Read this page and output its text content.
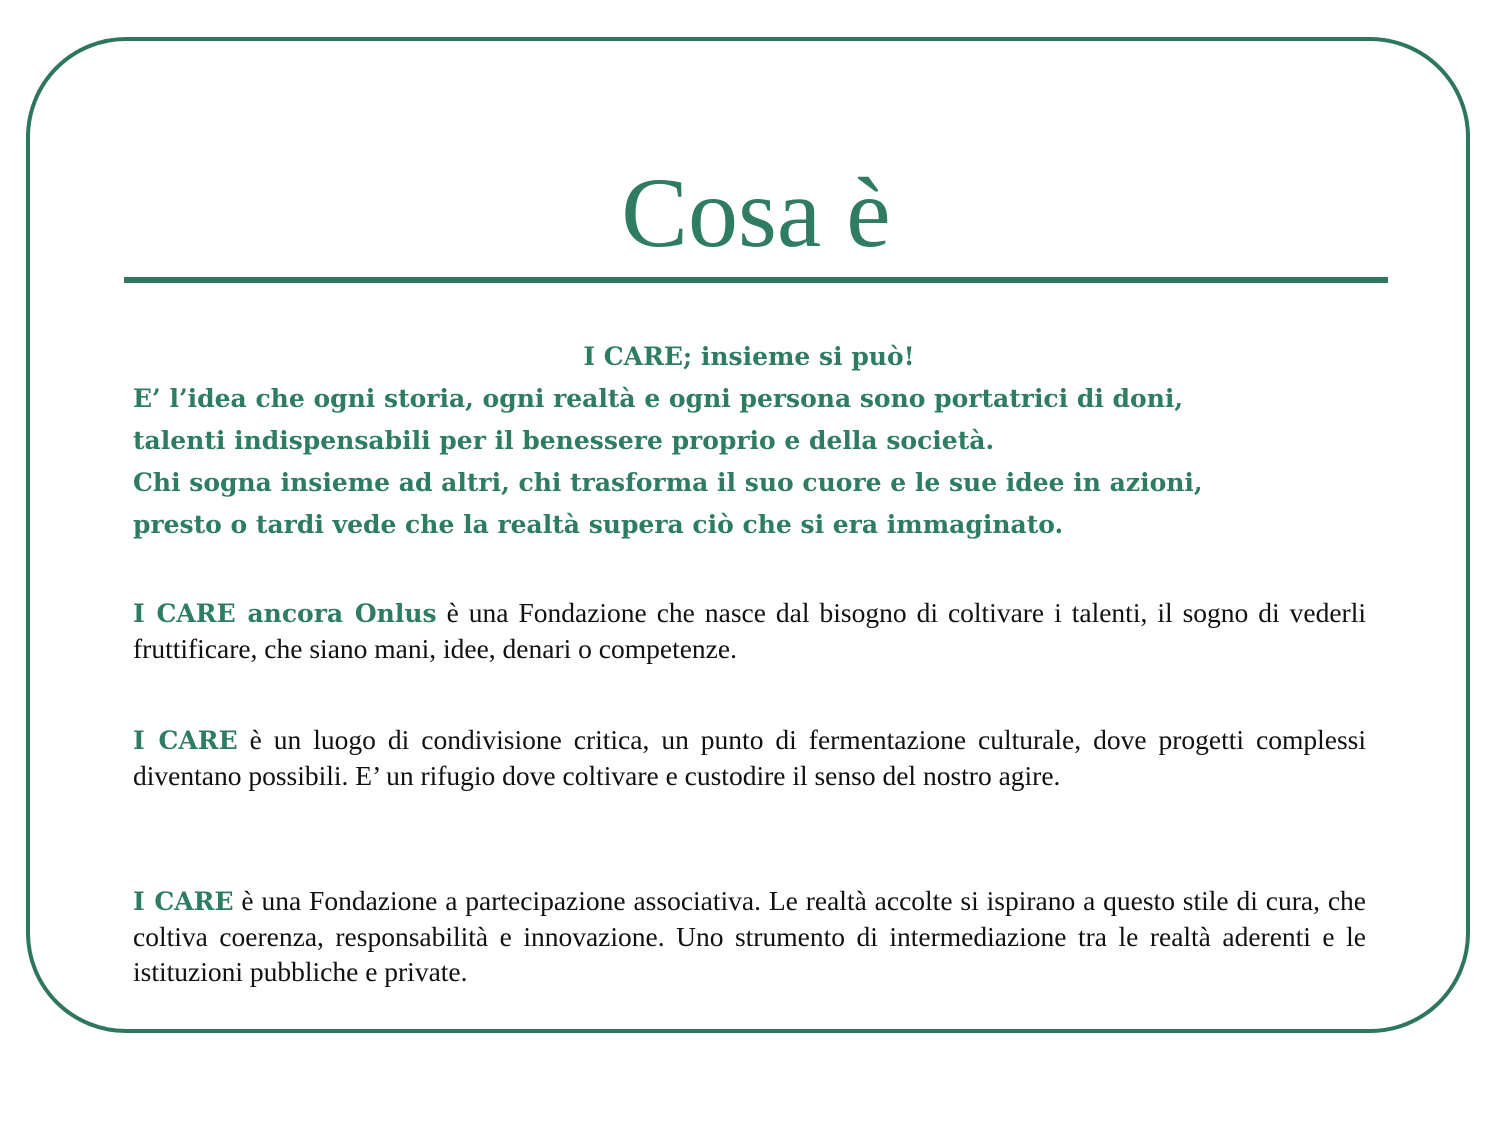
Cosa è
I CARE; insieme si può!
E’ l’idea che ogni storia, ogni realtà e ogni persona sono portatrici di doni,
talenti indispensabili per il benessere proprio e della società.
Chi sogna insieme ad altri, chi trasforma il suo cuore e le sue idee in azioni,
presto o tardi vede che la realtà supera ciò che si era immaginato.

I CARE ancora Onlus è una Fondazione che nasce dal bisogno di coltivare i talenti, il sogno di vederli fruttificare, che siano mani, idee, denari o competenze.

I CARE è un luogo di condivisione critica, un punto di fermentazione culturale, dove progetti complessi diventano possibili. E’ un rifugio dove coltivare e custodire il senso del nostro agire.

I CARE è una Fondazione a partecipazione associativa. Le realtà accolte si ispirano a questo stile di cura, che coltiva coerenza, responsabilità e innovazione. Uno strumento di intermediazione tra le realtà aderenti e le istituzioni pubbliche e private.
